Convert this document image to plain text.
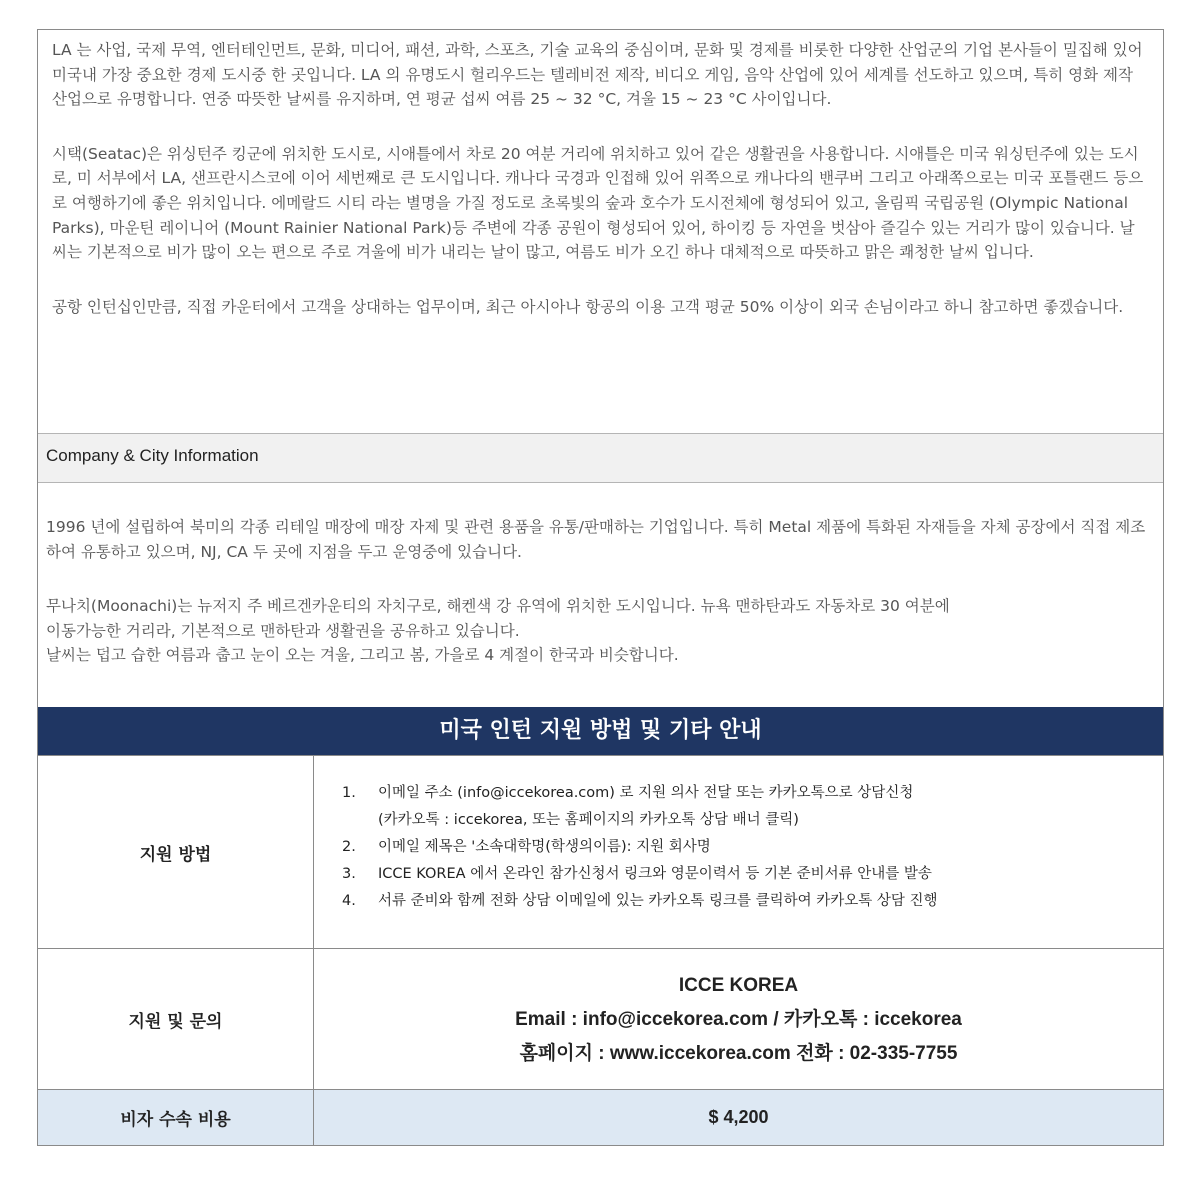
LA 는 사업, 국제 무역, 엔터테인먼트, 문화, 미디어, 패션, 과학, 스포츠, 기술 교육의 중심이며, 문화 및 경제를 비롯한 다양한 산업군의 기업 본사들이 밀집해 있어 미국내 가장 중요한 경제 도시중 한 곳입니다. LA 의 유명도시 헐리우드는 텔레비전 제작, 비디오 게임, 음악 산업에 있어 세계를 선도하고 있으며, 특히 영화 제작 산업으로 유명합니다. 연중 따뜻한 날씨를 유지하며, 연 평균 섭씨 여름 25 ~ 32 °C, 겨울 15 ~ 23 °C 사이입니다.

시택(Seatac)은 위싱턴주 킹군에 위치한 도시로, 시애틀에서 차로 20 여분 거리에 위치하고 있어 같은 생활권을 사용합니다. 시애틀은 미국 워싱턴주에 있는 도시로, 미 서부에서 LA, 샌프란시스코에 이어 세번째로 큰 도시입니다. 캐나다 국경과 인접해 있어 위쪽으로 캐나다의 밴쿠버 그리고 아래쪽으로는 미국 포틀랜드 등으로 여행하기에 좋은 위치입니다. 에메랄드 시티 라는 별명을 가질 정도로 초록빛의 숲과 호수가 도시전체에 형성되어 있고, 올림픽 국립공원 (Olympic National Parks), 마운틴 레이니어 (Mount Rainier National Park)등 주변에 각종 공원이 형성되어 있어, 하이킹 등 자연을 벗삼아 즐길수 있는 거리가 많이 있습니다. 날씨는 기본적으로 비가 많이 오는 편으로 주로 겨울에 비가 내리는 날이 많고, 여름도 비가 오긴 하나 대체적으로 따뜻하고 맑은 쾌청한 날씨 입니다.

공항 인턴십인만큼, 직접 카운터에서 고객을 상대하는 업무이며, 최근 아시아나 항공의 이용 고객 평균 50% 이상이 외국 손님이라고 하니 참고하면 좋겠습니다.

Company & City Information

1996 년에 설립하여 북미의 각종 리테일 매장에 매장 자제 및 관련 용품을 유통/판매하는 기업입니다. 특히 Metal 제품에 특화된 자재들을 자체 공장에서 직접 제조하여 유통하고 있으며, NJ, CA 두 곳에 지점을 두고 운영중에 있습니다.

무나치(Moonachi)는 뉴저지 주 베르겐카운티의 자치구로, 해켄색 강 유역에 위치한 도시입니다. 뉴욕 맨하탄과도 자동차로 30 여분에
이동가능한 거리라, 기본적으로 맨하탄과 생활권을 공유하고 있습니다.
날씨는 덥고 습한 여름과 춥고 눈이 오는 겨울, 그리고 봄, 가을로 4 계절이 한국과 비슷합니다.

미국 인턴 지원 방법 및 기타 안내
지원 방법
1. 이메일 주소 (info@iccekorea.com) 로 지원 의사 전달 또는 카카오톡으로 상담신청
(카카오톡 : iccekorea, 또는 홈페이지의 카카오톡 상담 배너 클릭)
2. 이메일 제목은 '소속대학명(학생의이름): 지원 회사명
3. ICCE KOREA 에서 온라인 참가신청서 링크와 영문이력서 등 기본 준비서류 안내를 발송
4. 서류 준비와 함께 전화 상담 이메일에 있는 카카오톡 링크를 클릭하여 카카오톡 상담 진행
지원 및 문의
ICCE KOREA
Email : info@iccekorea.com / 카카오톡 : iccekorea
홈페이지 : www.iccekorea.com 전화 : 02-335-7755
비자 수속 비용	$ 4,200
